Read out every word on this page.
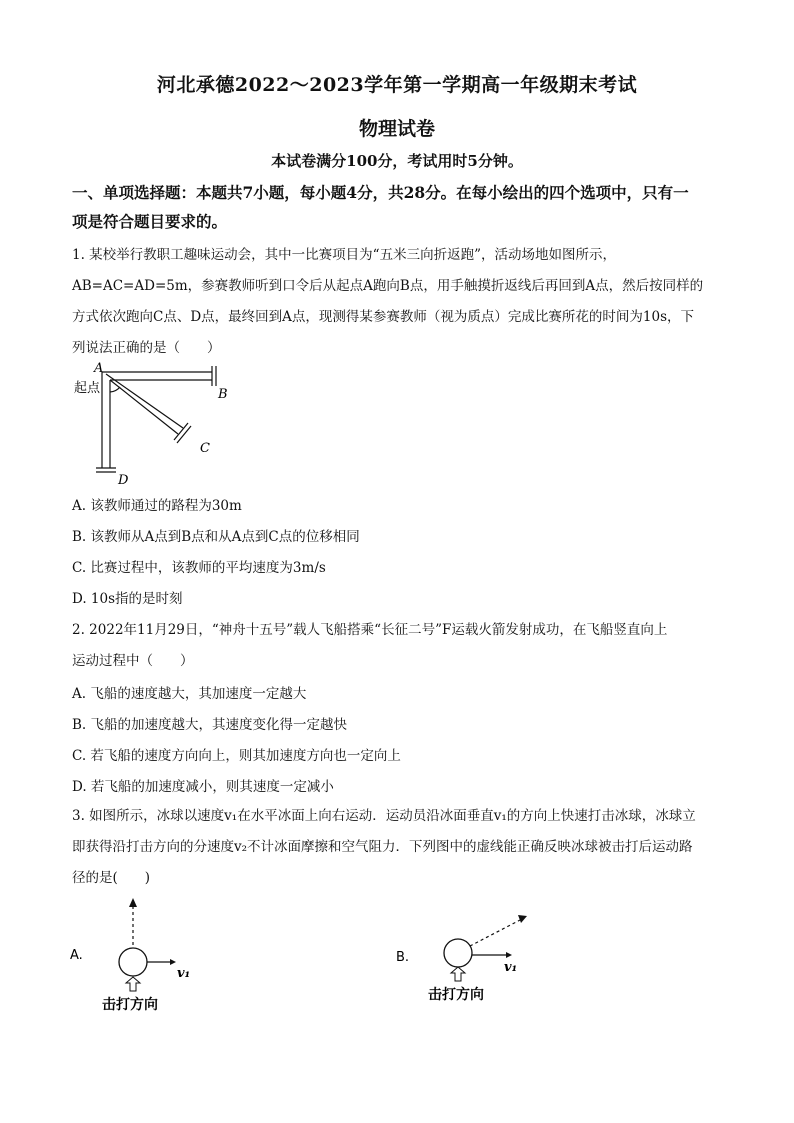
河北承德2022～2023学年第一学期高一年级期末考试
物理试卷
本试卷满分100分，考试用时5分钟。
一、单项选择题：本题共7小题，每小题4分，共28分。在每小绘出的四个选项中，只有一
项是符合题目要求的。
1. 某校举行教职工趣味运动会，其中一比赛项目为“五米三向折返跑”，活动场地如图所示，
AB=AC=AD=5m，参赛教师听到口令后从起点A跑向B点，用手触摸折返线后再回到A点，然后按同样的
方式依次跑向C点、D点，最终回到A点，现测得某参赛教师（视为质点）完成比赛所花的时间为10s，下
列说法正确的是（　　）
A
起点	B
C
D
A. 该教师通过的路程为30m
B. 该教师从A点到B点和从A点到C点的位移相同
C. 比赛过程中，该教师的平均速度为3m/s
D. 10s指的是时刻
2. 2022年11月29日，“神舟十五号”载人飞船搭乘“长征二号”F运载火箭发射成功，在飞船竖直向上
运动过程中（　　）
A. 飞船的速度越大，其加速度一定越大
B. 飞船的加速度越大，其速度变化得一定越快
C. 若飞船的速度方向向上，则其加速度方向也一定向上
D. 若飞船的加速度减小，则其速度一定减小
3. 如图所示，冰球以速度v₁在水平冰面上向右运动．运动员沿冰面垂直v₁的方向上快速打击冰球，冰球立
即获得沿打击方向的分速度v₂不计冰面摩擦和空气阻力．下列图中的虚线能正确反映冰球被击打后运动路
径的是(　　)
A.
v₁
击打方向
B.
v₁
击打方向
